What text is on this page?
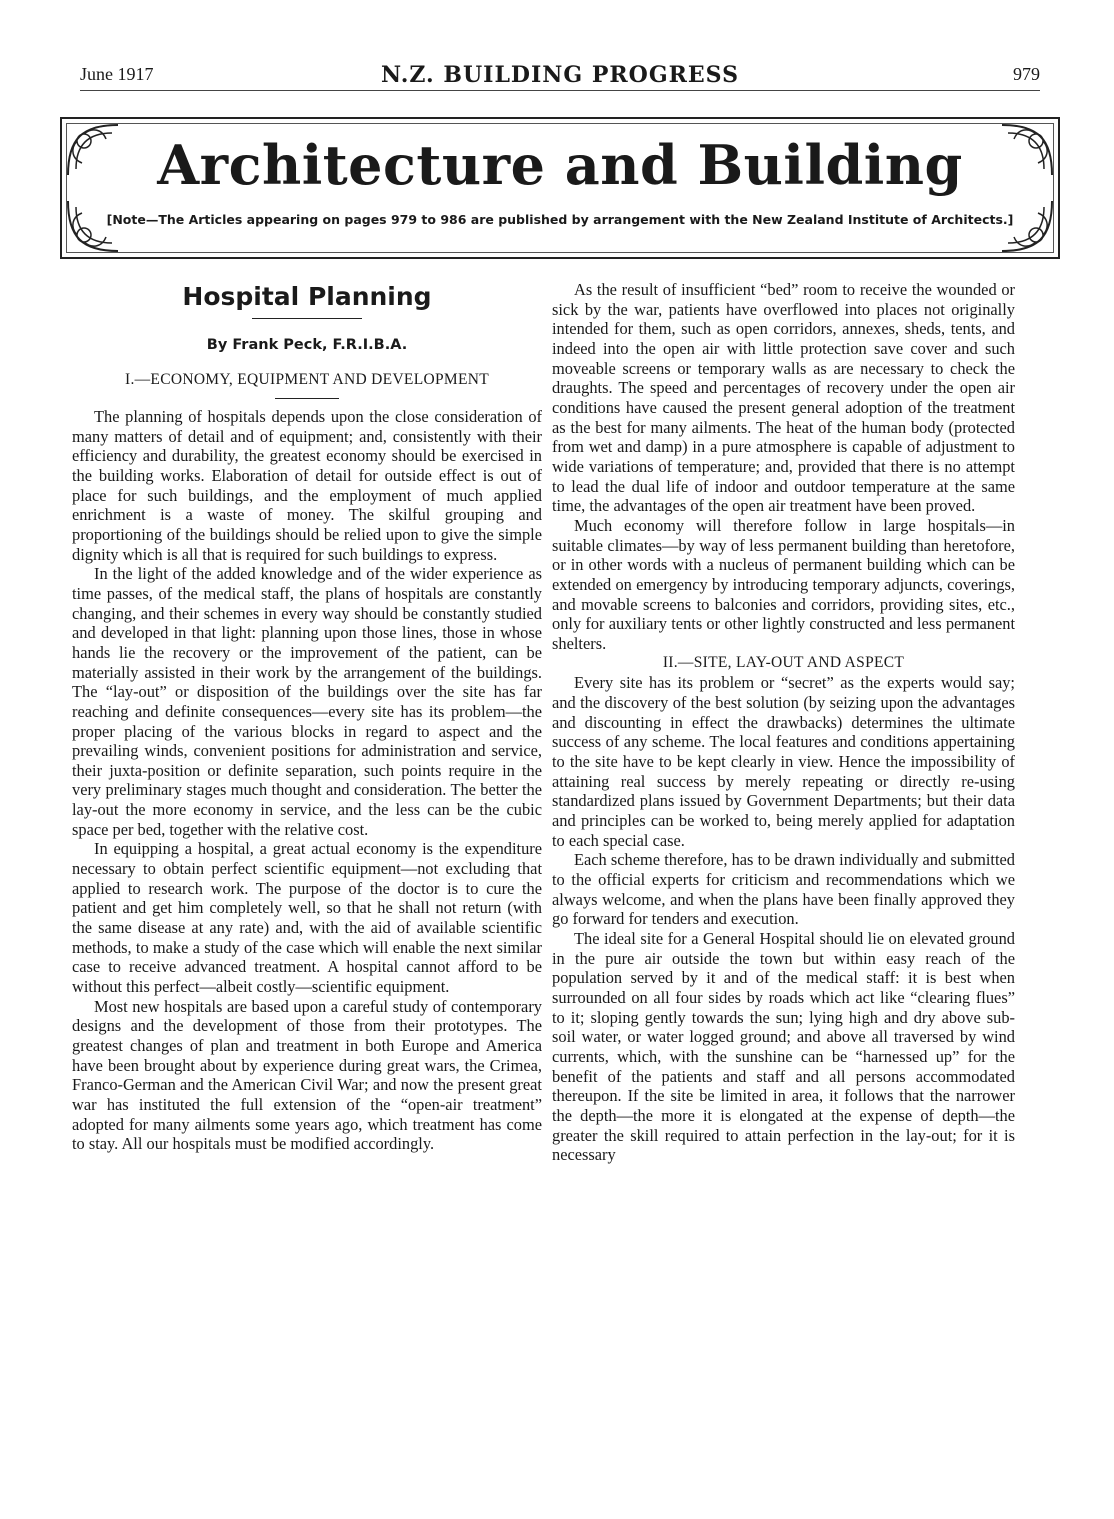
June 1917	N.Z. BUILDING PROGRESS	979
Architecture and Building
[Note—The Articles appearing on pages 979 to 986 are published by arrangement with the New Zealand Institute of Architects.]
Hospital Planning
By Frank Peck, F.R.I.B.A.
I.—ECONOMY, EQUIPMENT AND DEVELOPMENT

The planning of hospitals depends upon the close consideration of many matters of detail and of equipment; and, consistently with their efficiency and durability, the greatest economy should be exercised in the building works. Elaboration of detail for outside effect is out of place for such buildings, and the employment of much applied enrichment is a waste of money. The skilful grouping and proportioning of the buildings should be relied upon to give the simple dignity which is all that is required for such buildings to express.

In the light of the added knowledge and of the wider experience as time passes, of the medical staff, the plans of hospitals are constantly changing, and their schemes in every way should be constantly studied and developed in that light: planning upon those lines, those in whose hands lie the recovery or the improvement of the patient, can be materially assisted in their work by the arrangement of the buildings. The “lay-out” or disposition of the buildings over the site has far reaching and definite consequences—every site has its problem—the proper placing of the various blocks in regard to aspect and the prevailing winds, convenient positions for administration and service, their juxta-position or definite separation, such points require in the very preliminary stages much thought and consideration. The better the lay-out the more economy in service, and the less can be the cubic space per bed, together with the relative cost.

In equipping a hospital, a great actual economy is the expenditure necessary to obtain perfect scientific equipment—not excluding that applied to research work. The purpose of the doctor is to cure the patient and get him completely well, so that he shall not return (with the same disease at any rate) and, with the aid of available scientific methods, to make a study of the case which will enable the next similar case to receive advanced treatment. A hospital cannot afford to be without this perfect—albeit costly—scientific equipment.

Most new hospitals are based upon a careful study of contemporary designs and the development of those from their prototypes. The greatest changes of plan and treatment in both Europe and America have been brought about by experience during great wars, the Crimea, Franco-German and the American Civil War; and now the present great war has instituted the full extension of the “open-air treatment” adopted for many ailments some years ago, which treatment has come to stay. All our hospitals must be modified accordingly.

As the result of insufficient “bed” room to receive the wounded or sick by the war, patients have overflowed into places not originally intended for them, such as open corridors, annexes, sheds, tents, and indeed into the open air with little protection save cover and such moveable screens or temporary walls as are necessary to check the draughts. The speed and percentages of recovery under the open air conditions have caused the present general adoption of the treatment as the best for many ailments. The heat of the human body (protected from wet and damp) in a pure atmosphere is capable of adjustment to wide variations of temperature; and, provided that there is no attempt to lead the dual life of indoor and outdoor temperature at the same time, the advantages of the open air treatment have been proved.

Much economy will therefore follow in large hospitals—in suitable climates—by way of less permanent building than heretofore, or in other words with a nucleus of permanent building which can be extended on emergency by introducing temporary adjuncts, coverings, and movable screens to balconies and corridors, providing sites, etc., only for auxiliary tents or other lightly constructed and less permanent shelters.

II.—SITE, LAY-OUT AND ASPECT

Every site has its problem or “secret” as the experts would say; and the discovery of the best solution (by seizing upon the advantages and discounting in effect the drawbacks) determines the ultimate success of any scheme. The local features and conditions appertaining to the site have to be kept clearly in view. Hence the impossibility of attaining real success by merely repeating or directly re-using standardized plans issued by Government Departments; but their data and principles can be worked to, being merely applied for adaptation to each special case.

Each scheme therefore, has to be drawn individually and submitted to the official experts for criticism and recommendations which we always welcome, and when the plans have been finally approved they go forward for tenders and execution.

The ideal site for a General Hospital should lie on elevated ground in the pure air outside the town but within easy reach of the population served by it and of the medical staff: it is best when surrounded on all four sides by roads which act like “clearing flues” to it; sloping gently towards the sun; lying high and dry above sub-soil water, or water logged ground; and above all traversed by wind currents, which, with the sunshine can be “harnessed up” for the benefit of the patients and staff and all persons accommodated thereupon. If the site be limited in area, it follows that the narrower the depth—the more it is elongated at the expense of depth—the greater the skill required to attain perfection in the lay-out; for it is necessary
